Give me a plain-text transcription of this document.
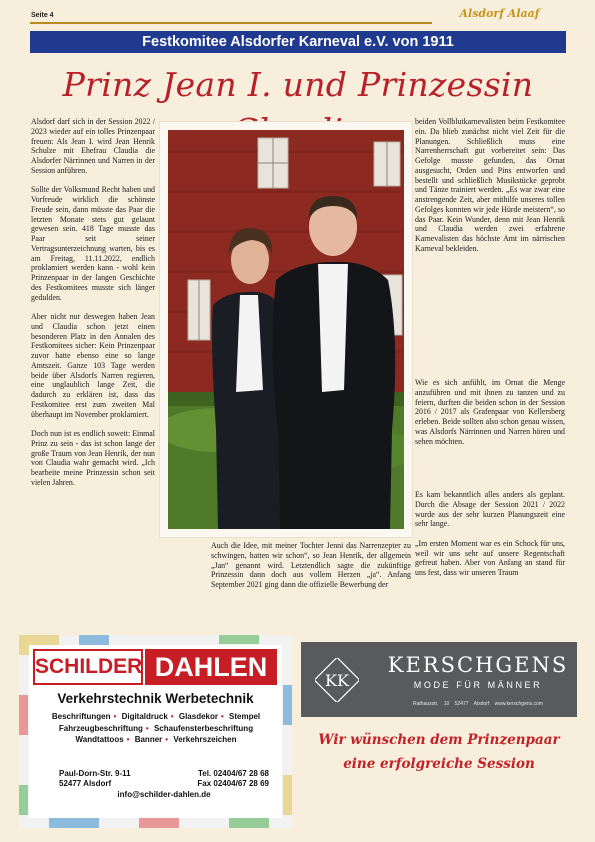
Seite 4	Alsdorf Alaaf
Festkomitee Alsdorfer Karneval e.V. von 1911
Prinz Jean I. und Prinzessin

Alsdorf darf sich in der Session 2022 / 2023 wieder auf ein tolles Prinzenpaar freuen: Als Jean I. wird Jean Henrik Schulze mit Ehefrau Claudia die Alsdorfer Närrinnen und Narren in der Session anführen.

Sollte der Volksmund Recht haben und Vorfreude wirklich die schönste Freude sein, dann müsste das Paar die letzten Monate stets gut gelaunt gewesen sein. 418 Tage musste das Paar seit seiner Vertragsunterzeichnung warten, bis es am Freitag, 11.11.2022, endlich proklamiert werden kann - wohl kein Prinzenpaar in der langen Geschichte des Festkomitees musste sich länger gedulden.

Aber nicht nur deswegen haben Jean und Claudia schon jetzt einen besonderen Platz in den Annalen des Festkomitees sicher: Kein Prinzenpaar zuvor hatte ebenso eine so lange Amtszeit. Ganze 103 Tage werden beide über Alsdorfs Narren regieren, eine unglaublich lange Zeit, die dadurch zu erklären ist, dass das Festkomitee erst zum zweiten Mal überhaupt im November proklamiert.

Doch nun ist es endlich soweit: Einmal Prinz zu sein - das ist schon lange der große Traum von Jean Henrik, der nun von Claudia wahr gemacht wird. „Ich bearbeite meine Prinzessin schon seit vielen Jahren.

Auch die Idee, mit meiner Tochter Jenni das Narrenzepter zu schwingen, hatten wir schon“, so Jean Henrik, der allgemein „Jan“ genannt wird. Letztendlich sagte die zukünftige Prinzessin dann doch aus vollem Herzen „ja“. Anfang September 2021 ging dann die offizielle Bewerbung der

beiden Vollblutkarnevalisten beim Festkomitee ein. Da blieb zunächst nicht viel Zeit für die Planungen. Schließlich muss eine Narrenherrschaft gut vorbereitet sein: Das Gefolge musste gefunden, das Ornat ausgesucht, Orden und Pins entworfen und bestellt und schließlich Musikstücke geprobt und Tänze trainiert werden. „Es war zwar eine anstrengende Zeit, aber mithilfe unseres tollen Gefolges konnten wir jede Hürde meistern“, so das Paar. Kein Wunder, denn mit Jean Henrik und Claudia werden zwei erfahrene Karnevalisten das höchste Amt im närrischen Karneval bekleiden.

Wie es sich anfühlt, im Ornat die Menge anzuführen und mit ihnen zu tanzen und zu feiern, durften die beiden schon in der Session 2016 / 2017 als Grafenpaar von Kellersberg erleben. Beide sollten also schon genau wissen, was Alsdorfs Närrinnen und Narren hören und sehen möchten.

Es kam bekanntlich alles anders als geplant. Durch die Absage der Session 2021 / 2022 wurde aus der sehr kurzen Planungszeit eine sehr lange.

„Im ersten Moment war es ein Schock für uns, weil wir uns sehr auf unsere Regentschaft gefreut haben. Aber von Anfang an stand für uns fest, dass wir unseren Traum

SCHILDER DAHLEN
Verkehrstechnik Werbetechnik
Beschriftungen • Digitaldruck • Glasdekor • Stempel
Fahrzeugbeschriftung • Schaufensterbeschriftung
Wandtattoos • Banner • Verkehrszeichen
Paul-Dorn-Str. 9-11	Tel. 02404/67 28 68
52477 Alsdorf	Fax 02404/67 28 69
info@schilder-dahlen.de
KK
KERSCHGENS
MODE FÜR MÄNNER
Rathausstr. 10 52477 Alsdorf www.kerschgens.com
Wir wünschen dem Prinzenpaar
eine erfolgreiche Session
